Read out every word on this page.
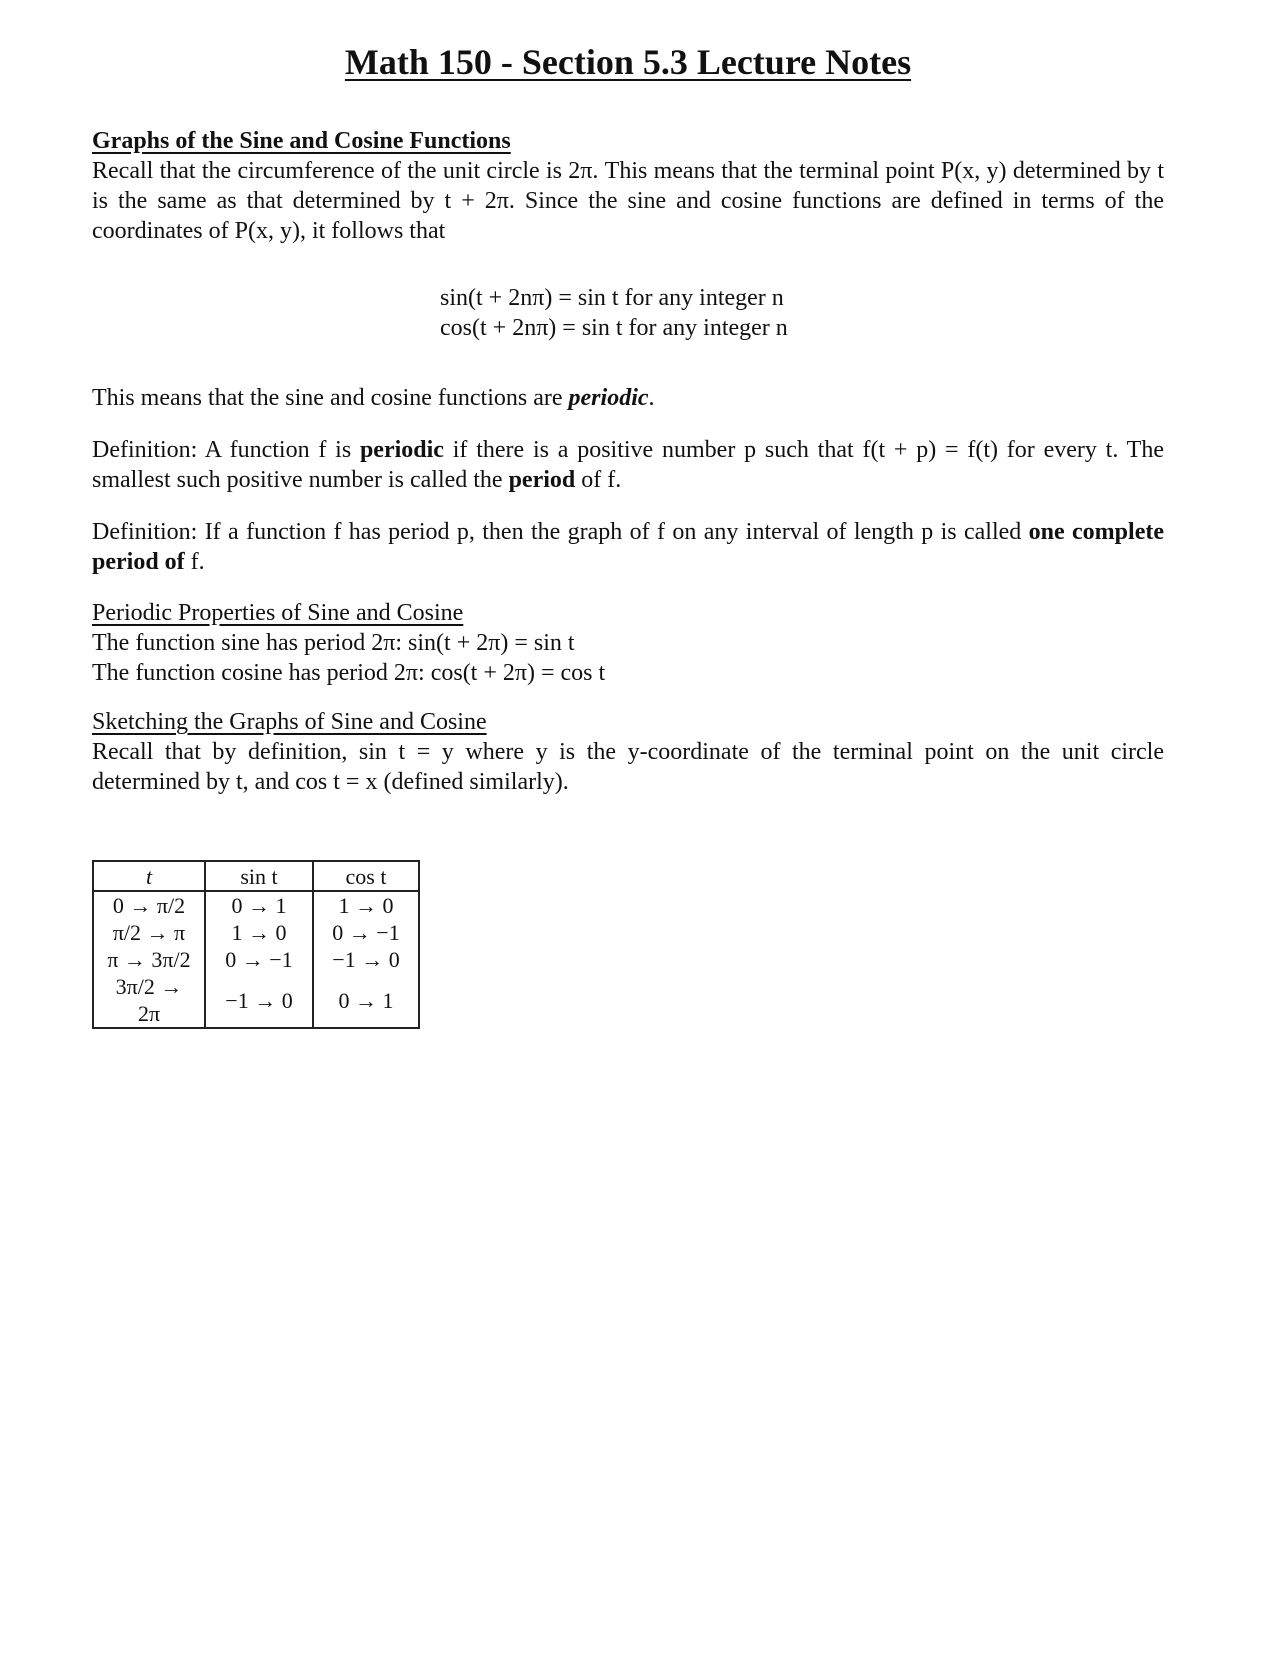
Math 150 - Section 5.3 Lecture Notes
Graphs of the Sine and Cosine Functions
Recall that the circumference of the unit circle is 2π. This means that the terminal point P(x, y) determined by t is the same as that determined by t + 2π. Since the sine and cosine functions are defined in terms of the coordinates of P(x, y), it follows that
sin(t + 2nπ) = sin t for any integer n
cos(t + 2nπ) = sin t for any integer n
This means that the sine and cosine functions are periodic.
Definition: A function f is periodic if there is a positive number p such that f(t + p) = f(t) for every t. The smallest such positive number is called the period of f.
Definition: If a function f has period p, then the graph of f on any interval of length p is called one complete period of f.
Periodic Properties of Sine and Cosine
The function sine has period 2π: sin(t + 2π) = sin t
The function cosine has period 2π: cos(t + 2π) = cos t
Sketching the Graphs of Sine and Cosine
Recall that by definition, sin t = y where y is the y-coordinate of the terminal point on the unit circle determined by t, and cos t = x (defined similarly).
t	sin t	cos t
0 → π/2	0 → 1	1 → 0
π/2 → π	1 → 0	0 → −1
π → 3π/2	0 → −1	−1 → 0
3π/2 → 2π	−1 → 0	0 → 1
